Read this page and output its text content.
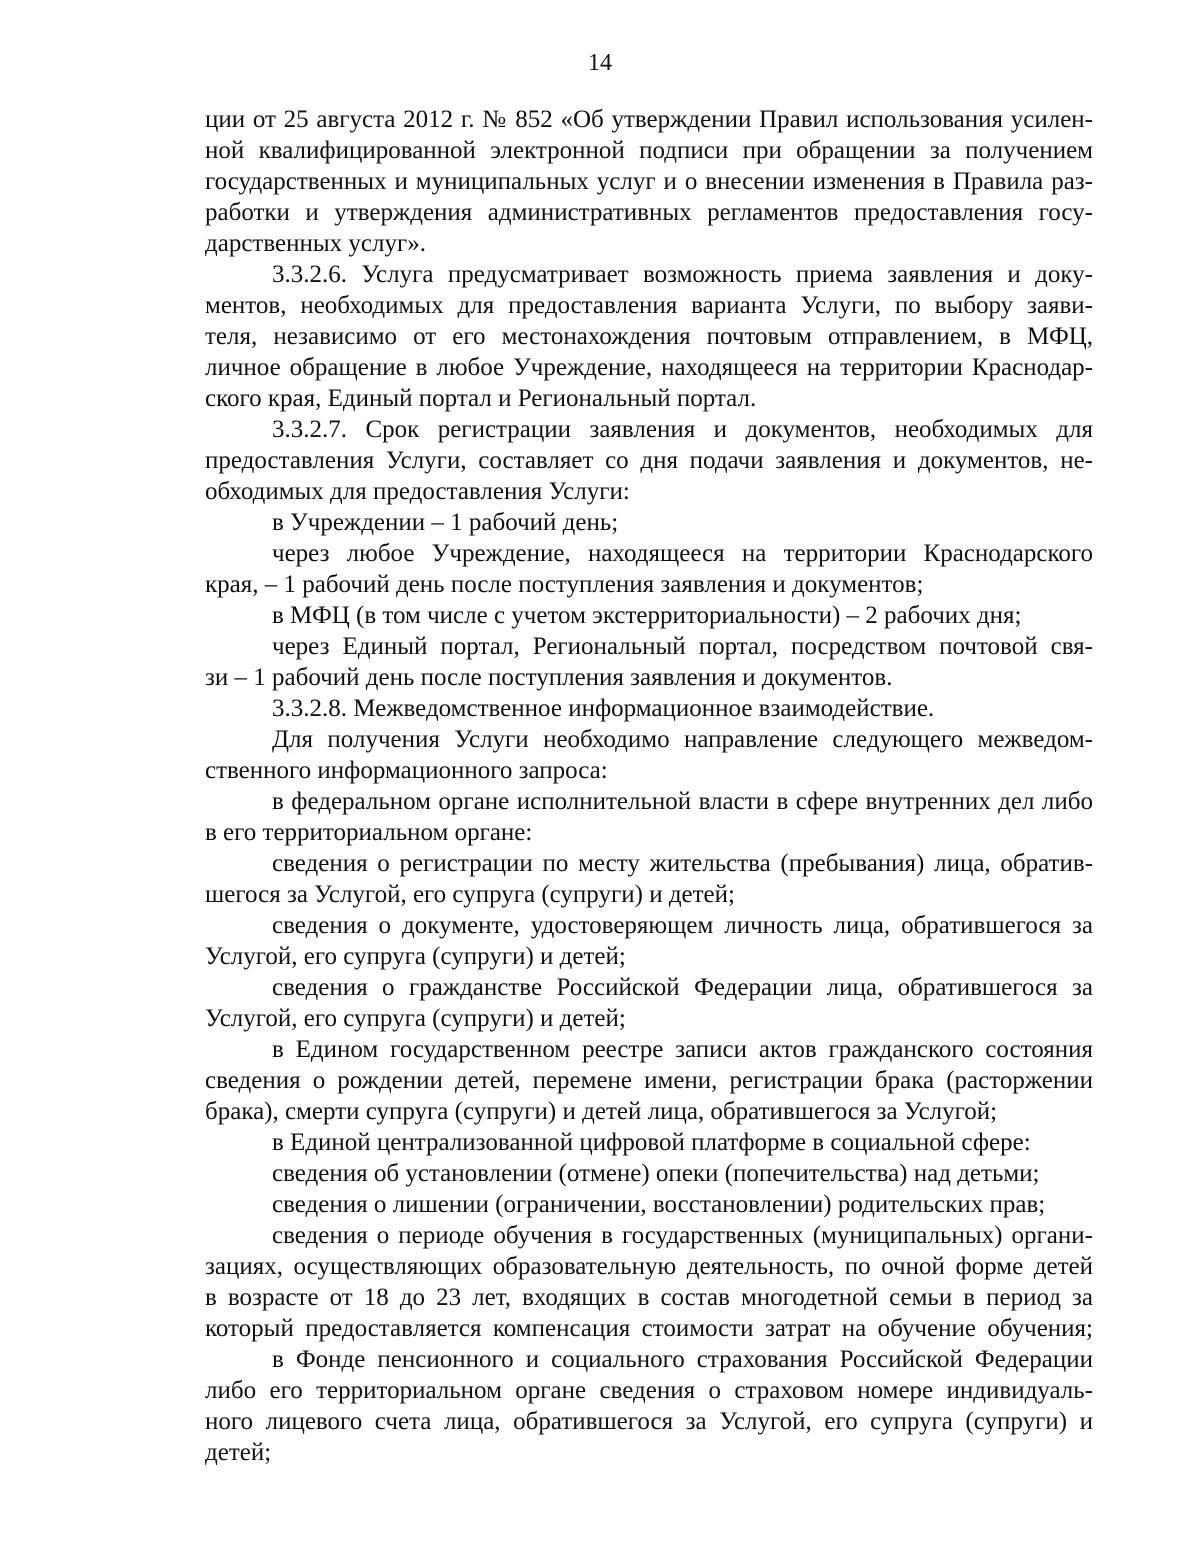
14
ции от 25 августа 2012 г. № 852 «Об утверждении Правил использования усилен-
ной квалифицированной электронной подписи при обращении за получением
государственных и муниципальных услуг и о внесении изменения в Правила раз-
работки и утверждения административных регламентов предоставления госу-
дарственных услуг».
3.3.2.6. Услуга предусматривает возможность приема заявления и доку-
ментов, необходимых для предоставления варианта Услуги, по выбору заяви-
теля, независимо от его местонахождения почтовым отправлением, в МФЦ,
личное обращение в любое Учреждение, находящееся на территории Краснодар-
ского края, Единый портал и Региональный портал.
3.3.2.7. Срок регистрации заявления и документов, необходимых для
предоставления Услуги, составляет со дня подачи заявления и документов, не-
обходимых для предоставления Услуги:
в Учреждении – 1 рабочий день;
через любое Учреждение, находящееся на территории Краснодарского
края, – 1 рабочий день после поступления заявления и документов;
в МФЦ (в том числе с учетом экстерриториальности) – 2 рабочих дня;
через Единый портал, Региональный портал, посредством почтовой свя-
зи – 1 рабочий день после поступления заявления и документов.
3.3.2.8. Межведомственное информационное взаимодействие.
Для получения Услуги необходимо направление следующего межведом-
ственного информационного запроса:
в федеральном органе исполнительной власти в сфере внутренних дел либо
в его территориальном органе:
сведения о регистрации по месту жительства (пребывания) лица, обратив-
шегося за Услугой, его супруга (супруги) и детей;
сведения о документе, удостоверяющем личность лица, обратившегося за
Услугой, его супруга (супруги) и детей;
сведения о гражданстве Российской Федерации лица, обратившегося за
Услугой, его супруга (супруги) и детей;
в Едином государственном реестре записи актов гражданского состояния
сведения о рождении детей, перемене имени, регистрации брака (расторжении
брака), смерти супруга (супруги) и детей лица, обратившегося за Услугой;
в Единой централизованной цифровой платформе в социальной сфере:
сведения об установлении (отмене) опеки (попечительства) над детьми;
сведения о лишении (ограничении, восстановлении) родительских прав;
сведения о периоде обучения в государственных (муниципальных) органи-
зациях, осуществляющих образовательную деятельность, по очной форме детей
в возрасте от 18 до 23 лет, входящих в состав многодетной семьи в период за
который предоставляется компенсация стоимости затрат на обучение обучения;
в Фонде пенсионного и социального страхования Российской Федерации
либо его территориальном органе сведения о страховом номере индивидуаль-
ного лицевого счета лица, обратившегося за Услугой, его супруга (супруги) и
детей;
